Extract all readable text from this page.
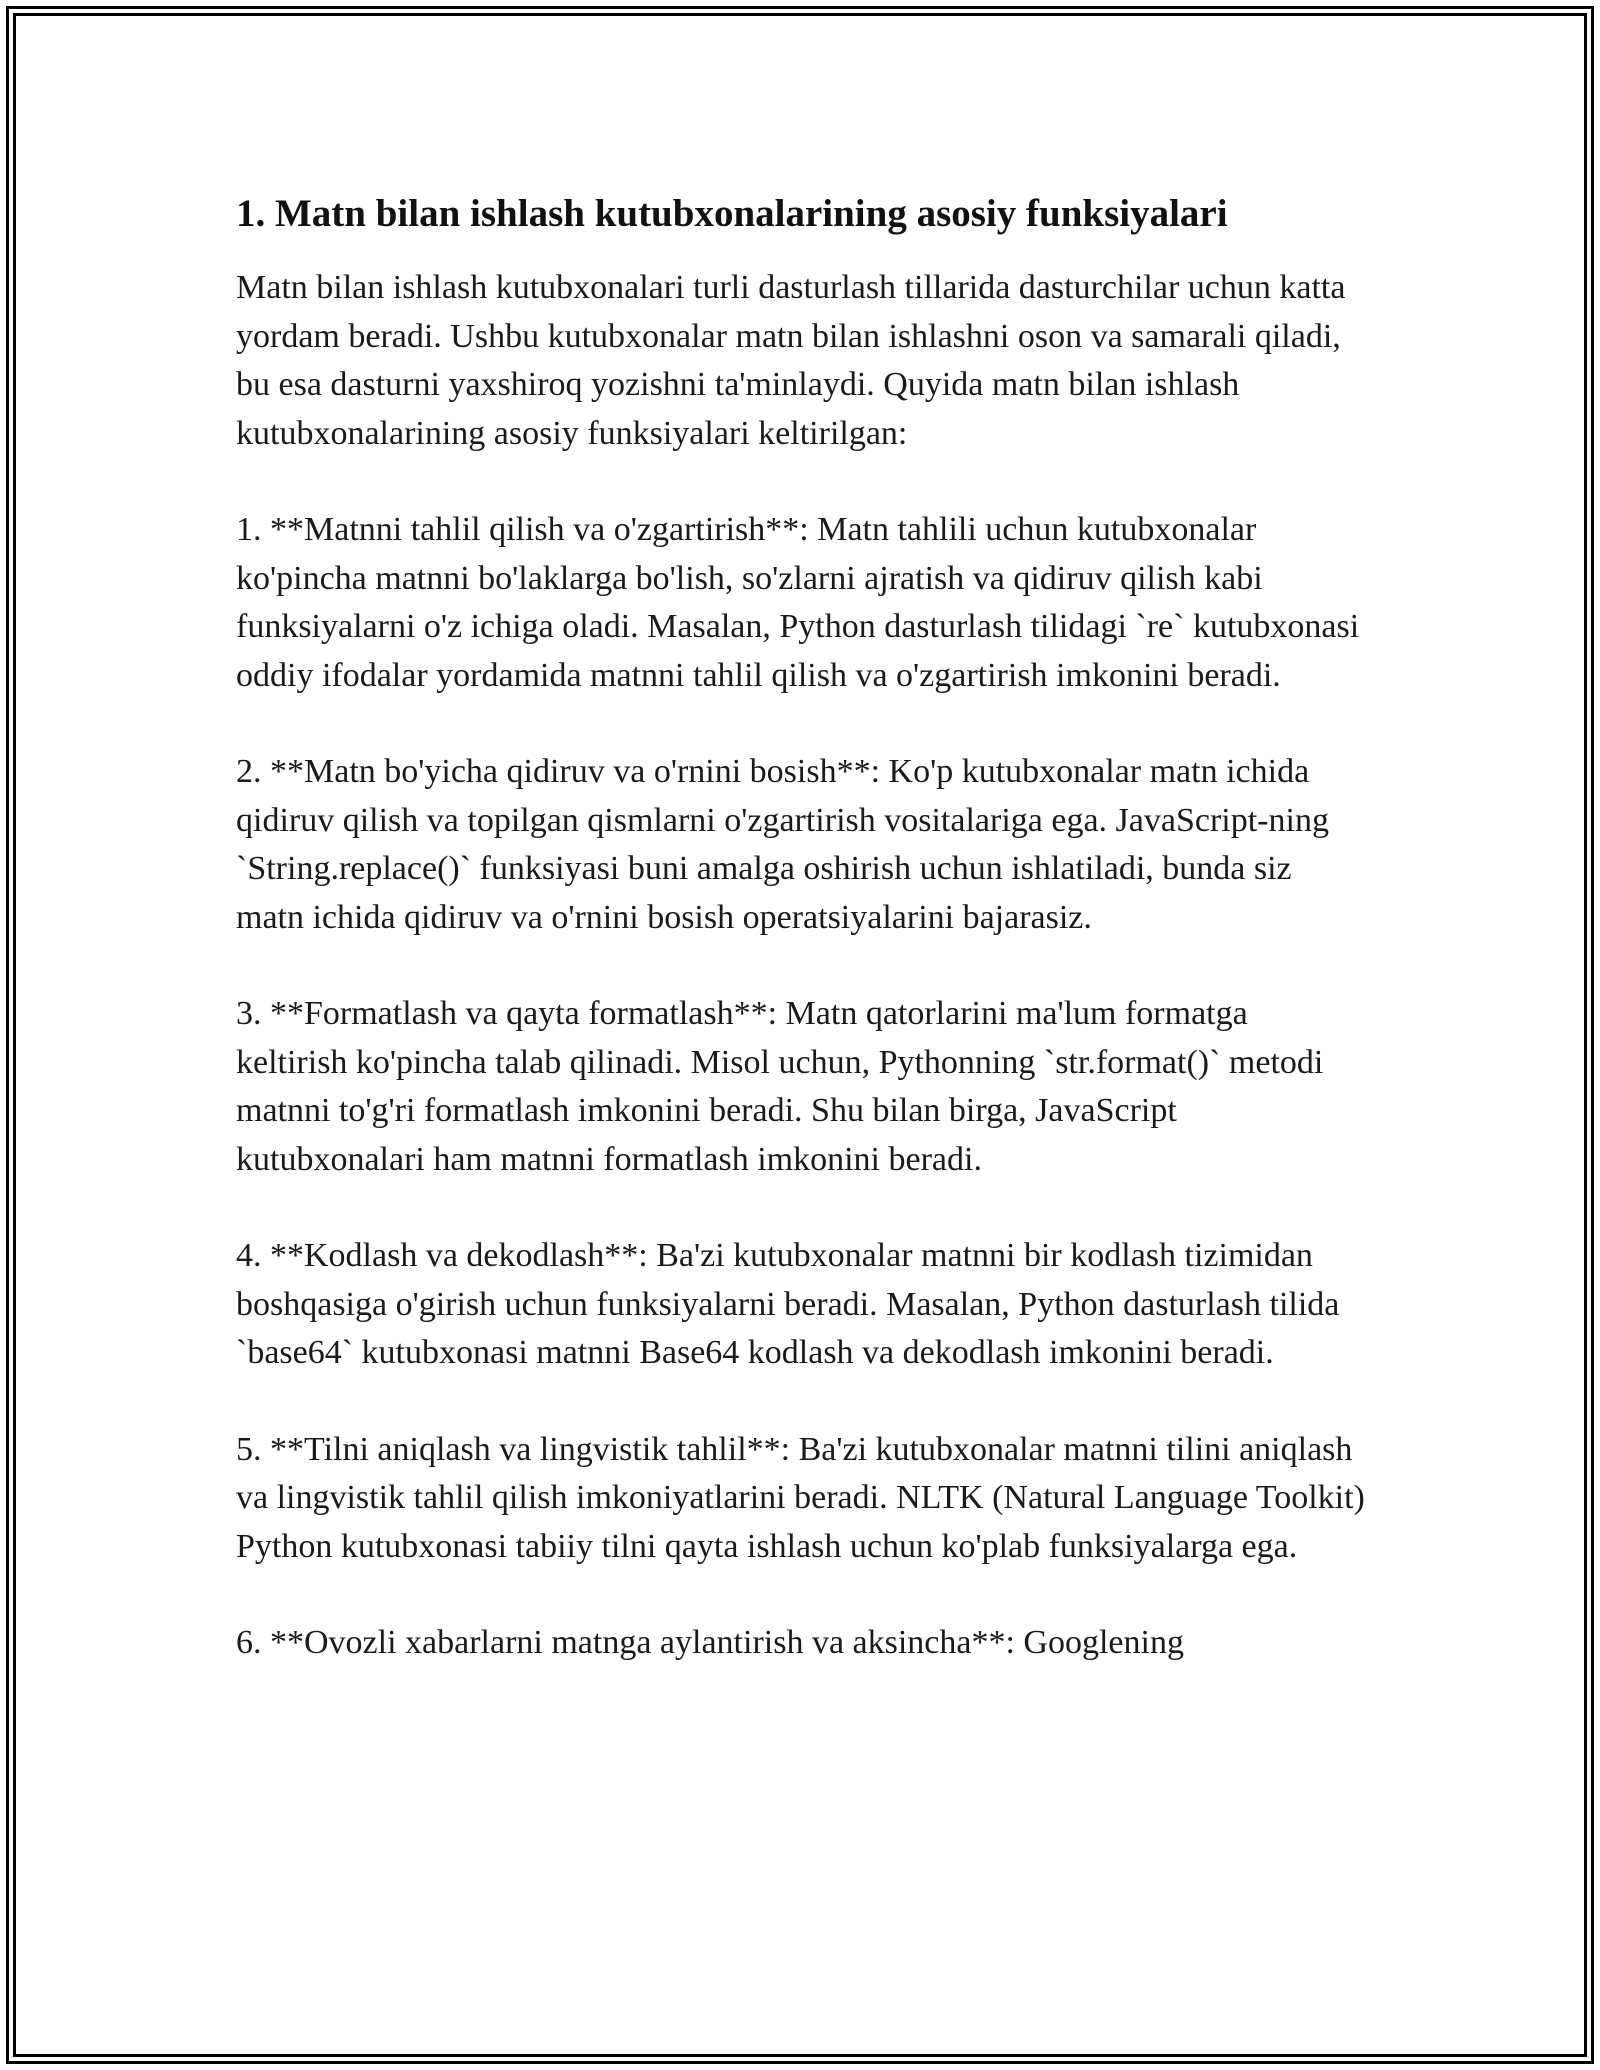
1. Matn bilan ishlash kutubxonalarining asosiy funksiyalari

Matn bilan ishlash kutubxonalari turli dasturlash tillarida dasturchilar uchun katta yordam beradi. Ushbu kutubxonalar matn bilan ishlashni oson va samarali qiladi, bu esa dasturni yaxshiroq yozishni ta'minlaydi. Quyida matn bilan ishlash kutubxonalarining asosiy funksiyalari keltirilgan:

1. **Matnni tahlil qilish va o'zgartirish**: Matn tahlili uchun kutubxonalar ko'pincha matnni bo'laklarga bo'lish, so'zlarni ajratish va qidiruv qilish kabi funksiyalarni o'z ichiga oladi. Masalan, Python dasturlash tilidagi `re` kutubxonasi oddiy ifodalar yordamida matnni tahlil qilish va o'zgartirish imkonini beradi.

2. **Matn bo'yicha qidiruv va o'rnini bosish**: Ko'p kutubxonalar matn ichida qidiruv qilish va topilgan qismlarni o'zgartirish vositalariga ega. JavaScript-ning `String.replace()` funksiyasi buni amalga oshirish uchun ishlatiladi, bunda siz matn ichida qidiruv va o'rnini bosish operatsiyalarini bajarasiz.

3. **Formatlash va qayta formatlash**: Matn qatorlarini ma'lum formatga keltirish ko'pincha talab qilinadi. Misol uchun, Pythonning `str.format()` metodi matnni to'g'ri formatlash imkonini beradi. Shu bilan birga, JavaScript kutubxonalari ham matnni formatlash imkonini beradi.

4. **Kodlash va dekodlash**: Ba'zi kutubxonalar matnni bir kodlash tizimidan boshqasiga o'girish uchun funksiyalarni beradi. Masalan, Python dasturlash tilida `base64` kutubxonasi matnni Base64 kodlash va dekodlash imkonini beradi.

5. **Tilni aniqlash va lingvistik tahlil**: Ba'zi kutubxonalar matnni tilini aniqlash va lingvistik tahlil qilish imkoniyatlarini beradi. NLTK (Natural Language Toolkit) Python kutubxonasi tabiiy tilni qayta ishlash uchun ko'plab funksiyalarga ega.

6. **Ovozli xabarlarni matnga aylantirish va aksincha**: Googlening
